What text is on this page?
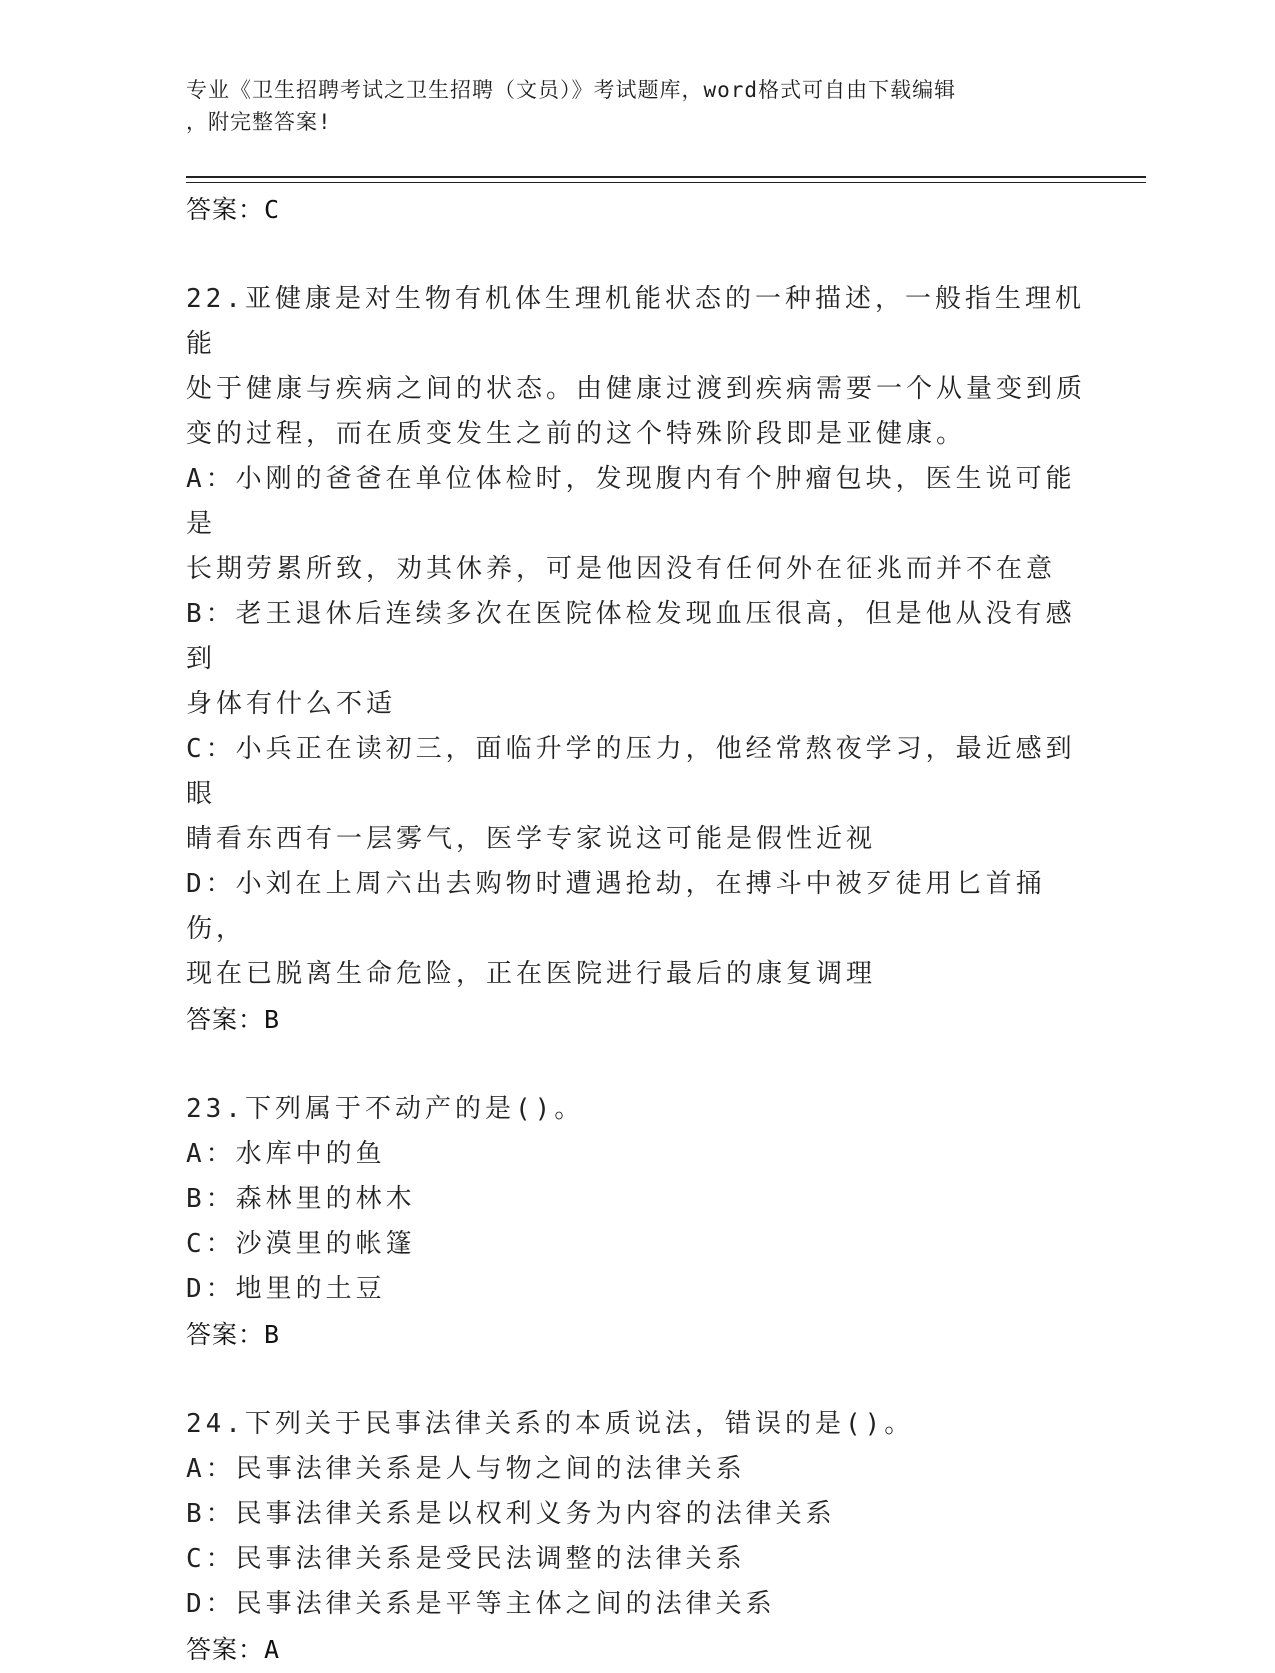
专业《卫生招聘考试之卫生招聘（文员）》考试题库，word格式可自由下载编辑
，附完整答案!
答案：C
22.亚健康是对生物有机体生理机能状态的一种描述，一般指生理机能
处于健康与疾病之间的状态。由健康过渡到疾病需要一个从量变到质
变的过程，而在质变发生之前的这个特殊阶段即是亚健康。
A：小刚的爸爸在单位体检时，发现腹内有个肿瘤包块，医生说可能是
长期劳累所致，劝其休养，可是他因没有任何外在征兆而并不在意
B：老王退休后连续多次在医院体检发现血压很高，但是他从没有感到
身体有什么不适
C：小兵正在读初三，面临升学的压力，他经常熬夜学习，最近感到眼
睛看东西有一层雾气，医学专家说这可能是假性近视
D：小刘在上周六出去购物时遭遇抢劫，在搏斗中被歹徒用匕首捅伤，
现在已脱离生命危险，正在医院进行最后的康复调理
答案：B
23.下列属于不动产的是()。
A：水库中的鱼
B：森林里的林木
C：沙漠里的帐篷
D：地里的土豆
答案：B
24.下列关于民事法律关系的本质说法，错误的是()。
A：民事法律关系是人与物之间的法律关系
B：民事法律关系是以权利义务为内容的法律关系
C：民事法律关系是受民法调整的法律关系
D：民事法律关系是平等主体之间的法律关系
答案：A
